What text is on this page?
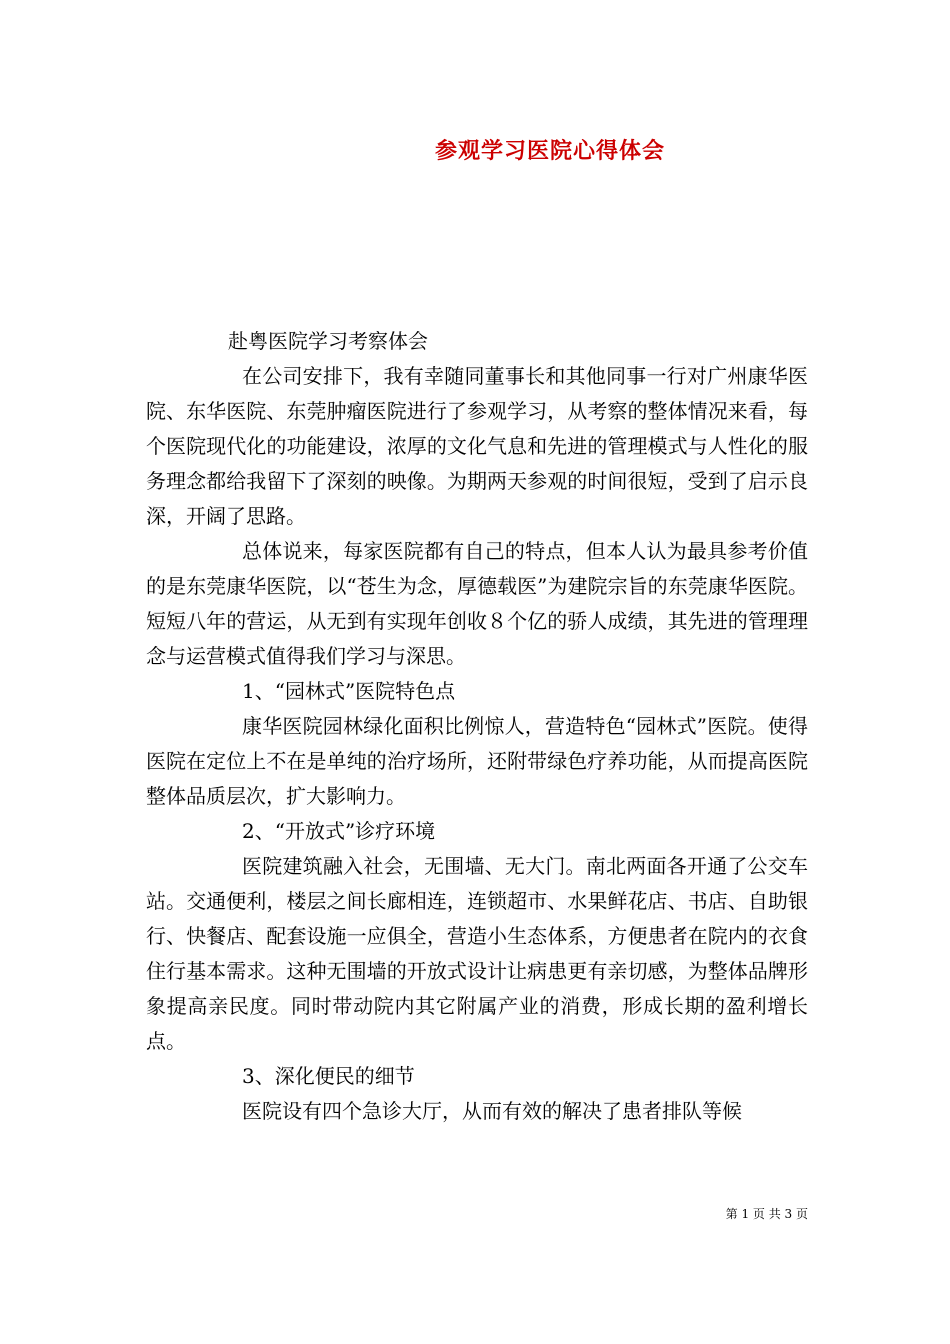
参观学习医院心得体会

赴粤医院学习考察体会

在公司安排下，我有幸随同董事长和其他同事一行对广州康华医院、东华医院、东莞肿瘤医院进行了参观学习，从考察的整体情况来看，每个医院现代化的功能建设，浓厚的文化气息和先进的管理模式与人性化的服务理念都给我留下了深刻的映像。为期两天参观的时间很短，受到了启示良深，开阔了思路。

总体说来，每家医院都有自己的特点，但本人认为最具参考价值的是东莞康华医院，以“苍生为念，厚德载医”为建院宗旨的东莞康华医院。短短八年的营运，从无到有实现年创收８个亿的骄人成绩，其先进的管理理念与运营模式值得我们学习与深思。

1、“园林式”医院特色点

康华医院园林绿化面积比例惊人，营造特色“园林式”医院。使得医院在定位上不在是单纯的治疗场所，还附带绿色疗养功能，从而提高医院整体品质层次，扩大影响力。

2、“开放式”诊疗环境

医院建筑融入社会，无围墙、无大门。南北两面各开通了公交车站。交通便利，楼层之间长廊相连，连锁超市、水果鲜花店、书店、自助银行、快餐店、配套设施一应俱全，营造小生态体系，方便患者在院内的衣食住行基本需求。这种无围墙的开放式设计让病患更有亲切感，为整体品牌形象提高亲民度。同时带动院内其它附属产业的消费，形成长期的盈利增长点。

3、深化便民的细节

医院设有四个急诊大厅，从而有效的解决了患者排队等候

第 1 页 共 3 页
